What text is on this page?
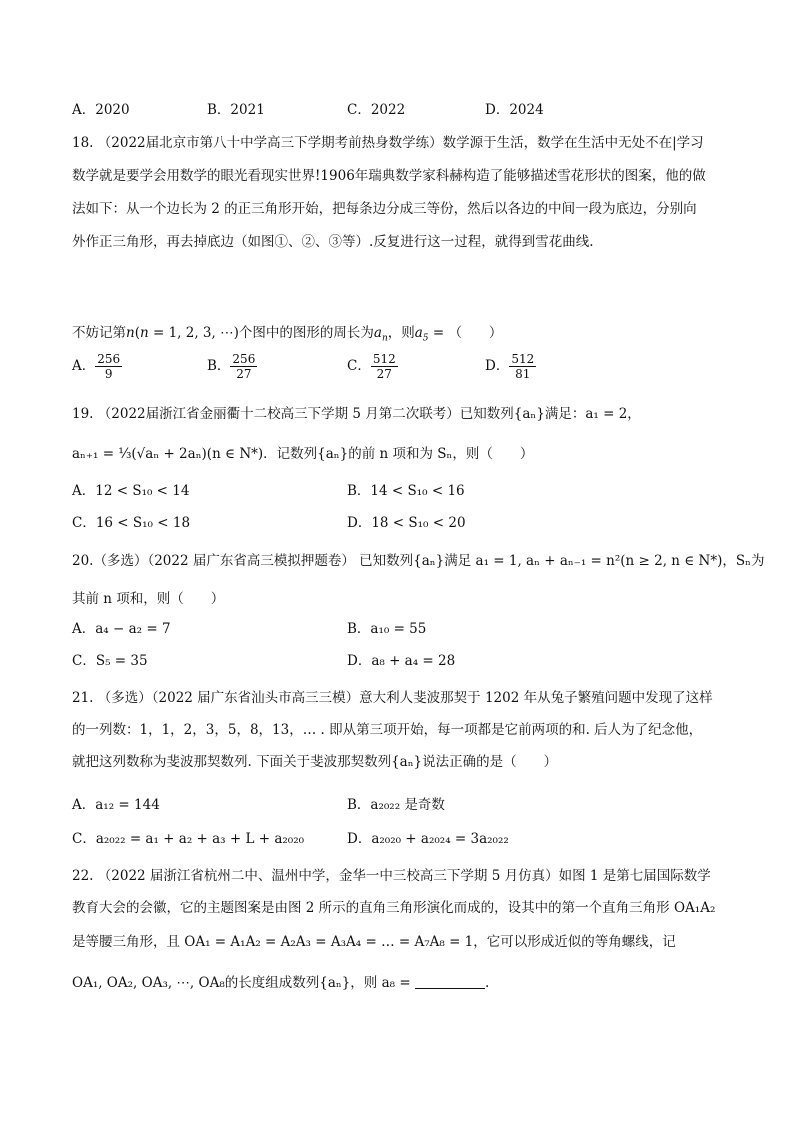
A．2020	B．2021	C．2022	D．2024
18. （2022届北京市第八十中学高三下学期考前热身数学练）数学源于生活，数学在生活中无处不在|学习
数学就是要学会用数学的眼光看现实世界!1906年瑞典数学家科赫构造了能够描述雪花形状的图案，他的做
法如下：从一个边长为 2 的正三角形开始，把每条边分成三等份，然后以各边的中间一段为底边，分别向
外作正三角形，再去掉底边（如图①、②、③等）.反复进行这一过程，就得到雪花曲线.
不妨记第n(n = 1, 2, 3, ⋯)个图中的图形的周长为$a_n$，则$a_5$ = （　　）
A． $\frac{256}{9}$	B． $\frac{256}{27}$	C． $\frac{512}{27}$	D． $\frac{512}{81}$
19. （2022届浙江省金丽衢十二校高三下学期 5 月第二次联考）已知数列{aₙ}满足：a₁ = 2，
aₙ₊₁ = ⅓(√aₙ + 2aₙ)(n ∈ N*)．记数列{aₙ}的前 n 项和为 Sₙ，则（　　）
A．12 < S₁₀ < 14	B．14 < S₁₀ < 16
C．16 < S₁₀ < 18	D．18 < S₁₀ < 20
20.（多选）（2022 届广东省高三模拟押题卷） 已知数列{aₙ}满足 a₁ = 1, aₙ + aₙ₋₁ = n²(n ≥ 2, n ∈ N*)，Sₙ为
其前 n 项和，则（　　）
A．a₄ − a₂ = 7	B．a₁₀ = 55
C．S₅ = 35	D．a₈ + a₄ = 28
21. （多选）（2022 届广东省汕头市高三三模）意大利人斐波那契于 1202 年从兔子繁殖问题中发现了这样
的一列数：1，1，2，3，5，8，13，… . 即从第三项开始，每一项都是它前两项的和. 后人为了纪念他，
就把这列数称为斐波那契数列. 下面关于斐波那契数列{aₙ}说法正确的是（　　）
A．a₁₂ = 144	B．a₂₀₂₂ 是奇数
C．a₂₀₂₂ = a₁ + a₂ + a₃ + L + a₂₀₂₀	D．a₂₀₂₀ + a₂₀₂₄ = 3a₂₀₂₂
22. （2022 届浙江省杭州二中、温州中学，金华一中三校高三下学期 5 月仿真）如图 1 是第七届国际数学
教育大会的会徽，它的主题图案是由图 2 所示的直角三角形演化而成的，设其中的第一个直角三角形 OA₁A₂
是等腰三角形，且 OA₁ = A₁A₂ = A₂A₃ = A₃A₄ = … = A₇A₈ = 1，它可以形成近似的等角螺线，记
OA₁, OA₂, OA₃, ⋯, OA₈的长度组成数列{aₙ}，则 a₈ =	.
